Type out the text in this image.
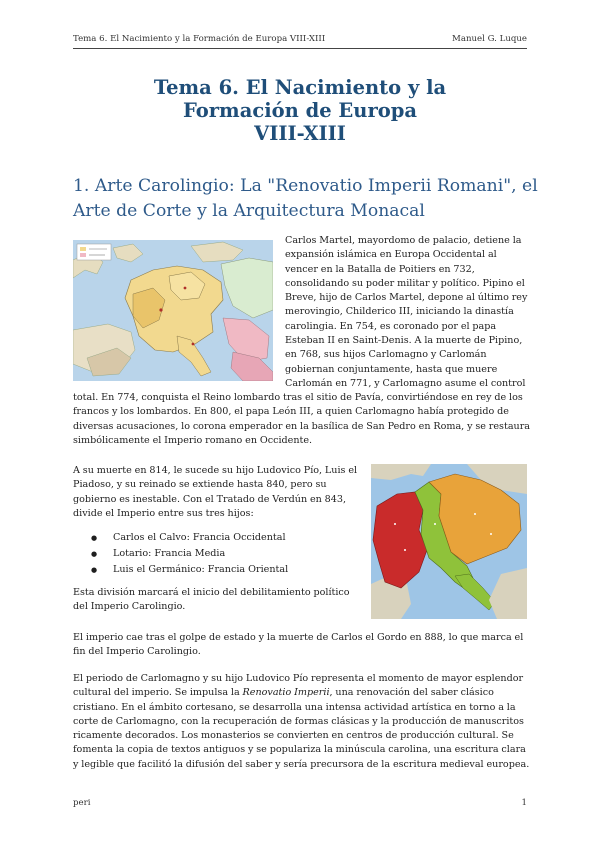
Tema 6. El Nacimiento y la Formación de Europa VIII-XIII	Manuel G. Luque
Tema 6. El Nacimiento y la
Formación de Europa
VIII-XIII
1. Arte Carolingio: La "Renovatio Imperii Romani", el
Arte de Corte y la Arquitectura Monacal
Carlos Martel, mayordomo de palacio, detiene la
expansión islámica en Europa Occidental al
vencer en la Batalla de Poitiers en 732,
consolidando su poder militar y político. Pipino el
Breve, hijo de Carlos Martel, depone al último rey
merovingio, Childerico III, iniciando la dinastía
carolingia. En 754, es coronado por el papa
Esteban II en Saint-Denis. A la muerte de Pipino,
en 768, sus hijos Carlomagno y Carlomán
gobiernan conjuntamente, hasta que muere
Carlomán en 771, y Carlomagno asume el control
total. En 774, conquista el Reino lombardo tras el sitio de Pavía, convirtiéndose en rey de los
francos y los lombardos. En 800, el papa León III, a quien Carlomagno había protegido de
diversas acusaciones, lo corona emperador en la basílica de San Pedro en Roma, y se restaura
simbólicamente el Imperio romano en Occidente.
A su muerte en 814, le sucede su hijo Ludovico Pío, Luis el
Piadoso, y su reinado se extiende hasta 840, pero su
gobierno es inestable. Con el Tratado de Verdún en 843,
divide el Imperio entre sus tres hijos:
● Carlos el Calvo: Francia Occidental
● Lotario: Francia Media
● Luis el Germánico: Francia Oriental
Esta división marcará el inicio del debilitamiento político
del Imperio Carolingio.
El imperio cae tras el golpe de estado y la muerte de Carlos el Gordo en 888, lo que marca el
fin del Imperio Carolingio.
El periodo de Carlomagno y su hijo Ludovico Pío representa el momento de mayor esplendor
cultural del imperio. Se impulsa la Renovatio Imperii, una renovación del saber clásico
cristiano. En el ámbito cortesano, se desarrolla una intensa actividad artística en torno a la
corte de Carlomagno, con la recuperación de formas clásicas y la producción de manuscritos
ricamente decorados. Los monasterios se convierten en centros de producción cultural. Se
fomenta la copia de textos antiguos y se populariza la minúscula carolina, una escritura clara
y legible que facilitó la difusión del saber y sería precursora de la escritura medieval europea.
peri	1
